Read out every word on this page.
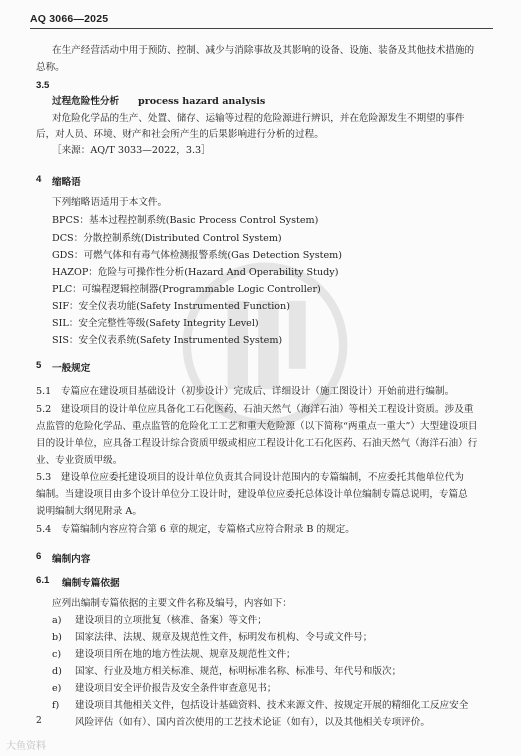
AQ 3066—2025
在生产经营活动中用于预防、控制、减少与消除事故及其影响的设备、设施、装备及其他技术措施的
总称。
3.5
过程危险性分析 process hazard analysis
对危险化学品的生产、处置、储存、运输等过程的危险源进行辨识，并在危险源发生不期望的事件
后，对人员、环境、财产和社会所产生的后果影响进行分析的过程。
［来源：AQ/T 3033—2022，3.3］
4 缩略语
下列缩略语适用于本文件。
BPCS：基本过程控制系统(Basic Process Control System)
DCS：分散控制系统(Distributed Control System)
GDS：可燃气体和有毒气体检测报警系统(Gas Detection System)
HAZOP：危险与可操作性分析(Hazard And Operability Study)
PLC：可编程逻辑控制器(Programmable Logic Controller)
SIF：安全仪表功能(Safety Instrumented Function)
SIL：安全完整性等级(Safety Integrity Level)
SIS：安全仪表系统(Safety Instrumented System)
5 一般规定
5.1　专篇应在建设项目基础设计（初步设计）完成后、详细设计（施工图设计）开始前进行编制。
5.2　建设项目的设计单位应具备化工石化医药、石油天然气（海洋石油）等相关工程设计资质。涉及重
点监管的危险化学品、重点监管的危险化工工艺和重大危险源（以下简称“两重点一重大”）大型建设项目
目的设计单位，应具备工程设计综合资质甲级或相应工程设计化工石化医药、石油天然气（海洋石油）行
业、专业资质甲级。
5.3　建设单位应委托建设项目的设计单位负责其合同设计范围内的专篇编制，不应委托其他单位代为
编制。当建设项目由多个设计单位分工设计时，建设单位应委托总体设计单位编制专篇总说明，专篇总
说明编制大纲见附录 A。
5.4　专篇编制内容应符合第 6 章的规定，专篇格式应符合附录 B 的规定。
6 编制内容
6.1 编制专篇依据
应列出编制专篇依据的主要文件名称及编号，内容如下：
a) 建设项目的立项批复（核准、备案）等文件；
b) 国家法律、法规、规章及规范性文件，标明发布机构、令号或文件号；
c) 建设项目所在地的地方性法规、规章及规范性文件；
d) 国家、行业及地方相关标准、规范，标明标准名称、标准号、年代号和版次；
e) 建设项目安全评价报告及安全条件审查意见书；
f) 建设项目其他相关文件，包括设计基础资料、技术来源文件、按规定开展的精细化工反应安全
风险评估（如有）、国内首次使用的工艺技术论证（如有），以及其他相关专项评价。
2
大鱼资料
